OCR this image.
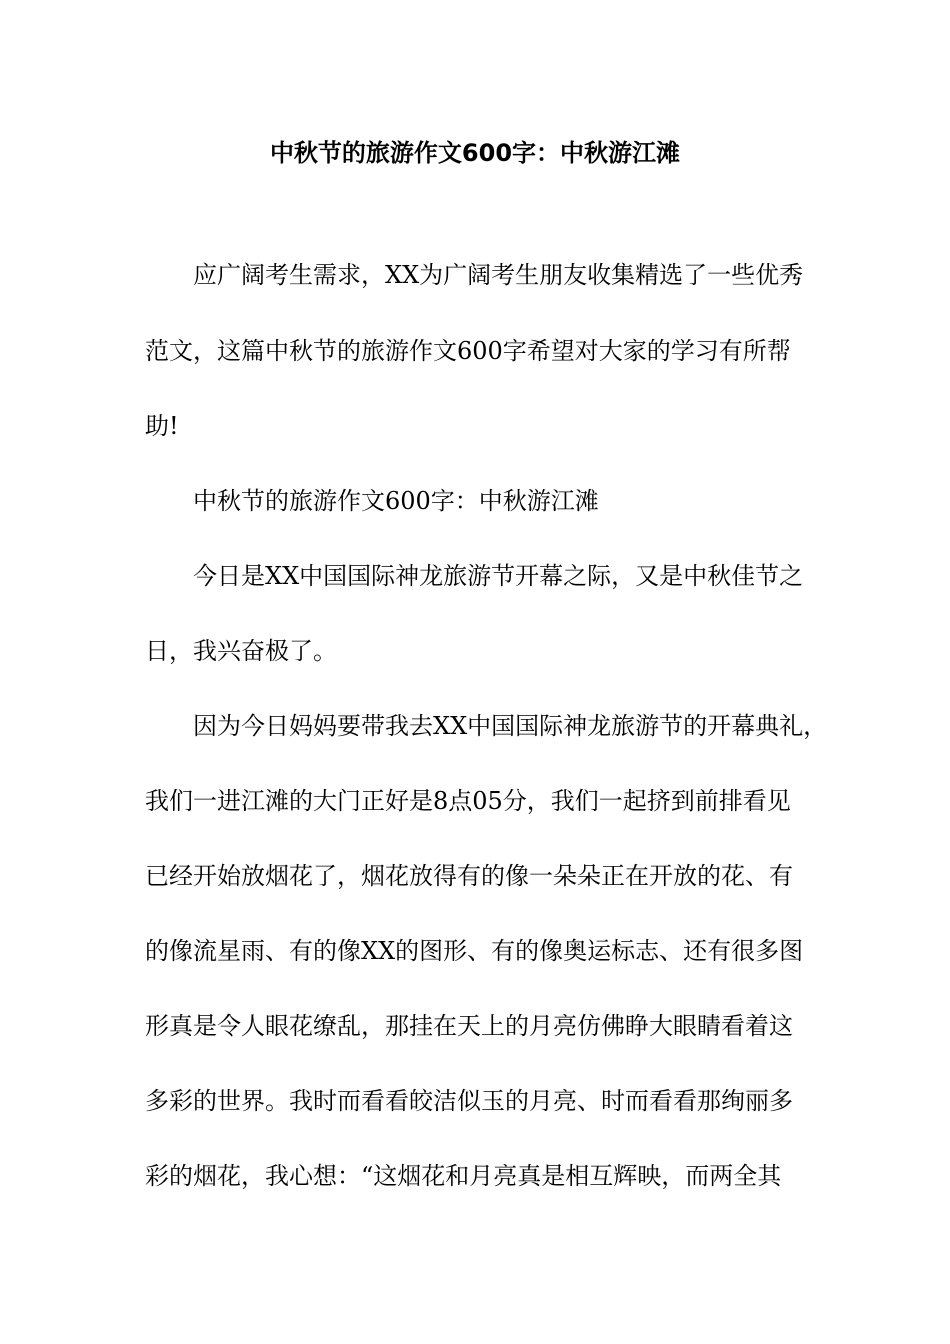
中秋节的旅游作文600字：中秋游江滩

应广阔考生需求，XX为广阔考生朋友收集精选了一些优秀

范文，这篇中秋节的旅游作文600字希望对大家的学习有所帮

助!

中秋节的旅游作文600字：中秋游江滩

今日是XX中国国际神龙旅游节开幕之际，又是中秋佳节之

日，我兴奋极了。

因为今日妈妈要带我去XX中国国际神龙旅游节的开幕典礼，

我们一进江滩的大门正好是8点05分，我们一起挤到前排看见

已经开始放烟花了，烟花放得有的像一朵朵正在开放的花、有

的像流星雨、有的像XX的图形、有的像奥运标志、还有很多图

形真是令人眼花缭乱，那挂在天上的月亮仿佛睁大眼睛看着这

多彩的世界。我时而看看皎洁似玉的月亮、时而看看那绚丽多

彩的烟花，我心想：“这烟花和月亮真是相互辉映，而两全其
